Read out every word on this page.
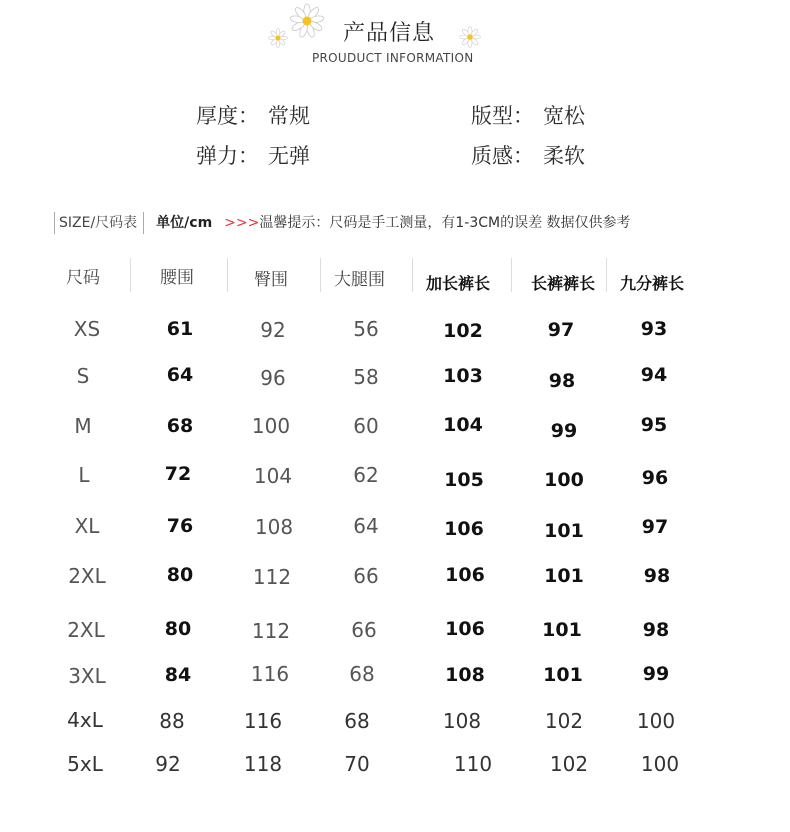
产品信息
PROUDUCT INFORMATION
厚度： 常规	版型： 宽松
弹力： 无弹	质感： 柔软
SIZE/尺码表 单位/cm >>>温馨提示：尺码是手工测量，有1-3CM的误差 数据仅供参考
尺码	腰围	臀围	大腿围	加长裤长	长裤裤长 九分裤长
XS	61	92	56	102	97	93
S	64	96	58	103	98	94
M	68	100	60	104	99	95
L	72	104	62	105	100	96
XL	76	108	64	106	101	97
2XL	80	112	66	106	101	98
2XL	80	112	66	106	101	98
3XL	84	116	68	108	101	99
4xL	88	116	68	108	102	100
5xL	92	118	70	110	102	100
